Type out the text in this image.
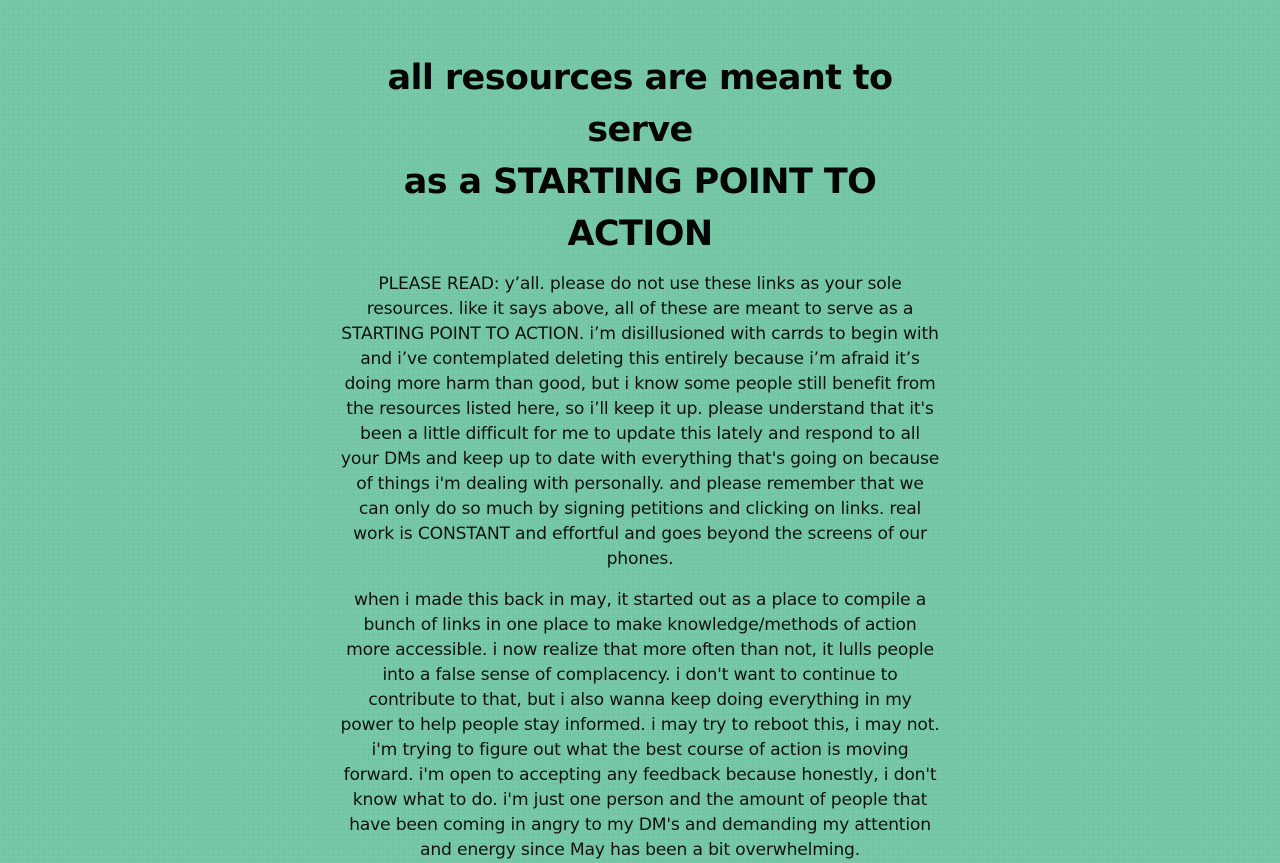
all resources are meant to serve
as a STARTING POINT TO ACTION

PLEASE READ: y’all. please do not use these links as your sole resources. like it says above, all of these are meant to serve as a STARTING POINT TO ACTION. i’m disillusioned with carrds to begin with and i’ve contemplated deleting this entirely because i’m afraid it’s doing more harm than good, but i know some people still benefit from the resources listed here, so i’ll keep it up. please understand that it's been a little difficult for me to update this lately and respond to all your DMs and keep up to date with everything that's going on because of things i'm dealing with personally. and please remember that we can only do so much by signing petitions and clicking on links. real work is CONSTANT and effortful and goes beyond the screens of our phones.

when i made this back in may, it started out as a place to compile a bunch of links in one place to make knowledge/methods of action more accessible. i now realize that more often than not, it lulls people into a false sense of complacency. i don't want to continue to contribute to that, but i also wanna keep doing everything in my power to help people stay informed. i may try to reboot this, i may not. i'm trying to figure out what the best course of action is moving forward. i'm open to accepting any feedback because honestly, i don't know what to do. i'm just one person and the amount of people that have been coming in angry to my DM's and demanding my attention and energy since May has been a bit overwhelming.
